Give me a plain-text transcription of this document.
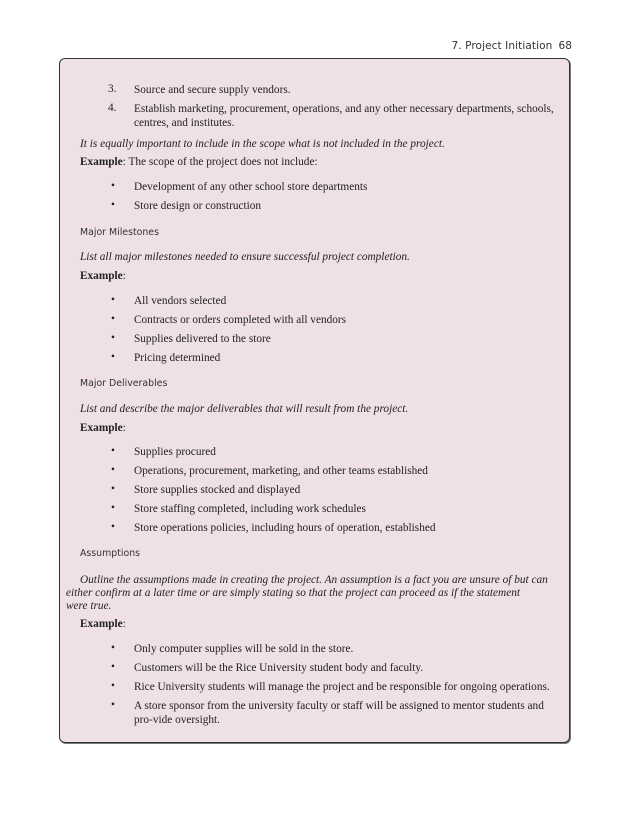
7. Project Initiation 68
3. Source and secure supply vendors.
4. Establish marketing, procurement, operations, and any other necessary departments, schools, centres, and institutes.
It is equally important to include in the scope what is not included in the project.
Example: The scope of the project does not include:
• Development of any other school store departments
• Store design or construction
Major Milestones
List all major milestones needed to ensure successful project completion.
Example:
• All vendors selected
• Contracts or orders completed with all vendors
• Supplies delivered to the store
• Pricing determined
Major Deliverables
List and describe the major deliverables that will result from the project.
Example:
• Supplies procured
• Operations, procurement, marketing, and other teams established
• Store supplies stocked and displayed
• Store staffing completed, including work schedules
• Store operations policies, including hours of operation, established
Assumptions
Outline the assumptions made in creating the project. An assumption is a fact you are unsure of but can
either confirm at a later time or are simply stating so that the project can proceed as if the statement
were true.
Example:
• Only computer supplies will be sold in the store.
• Customers will be the Rice University student body and faculty.
• Rice University students will manage the project and be responsible for ongoing operations.
• A store sponsor from the university faculty or staff will be assigned to mentor students and pro-vide oversight.
